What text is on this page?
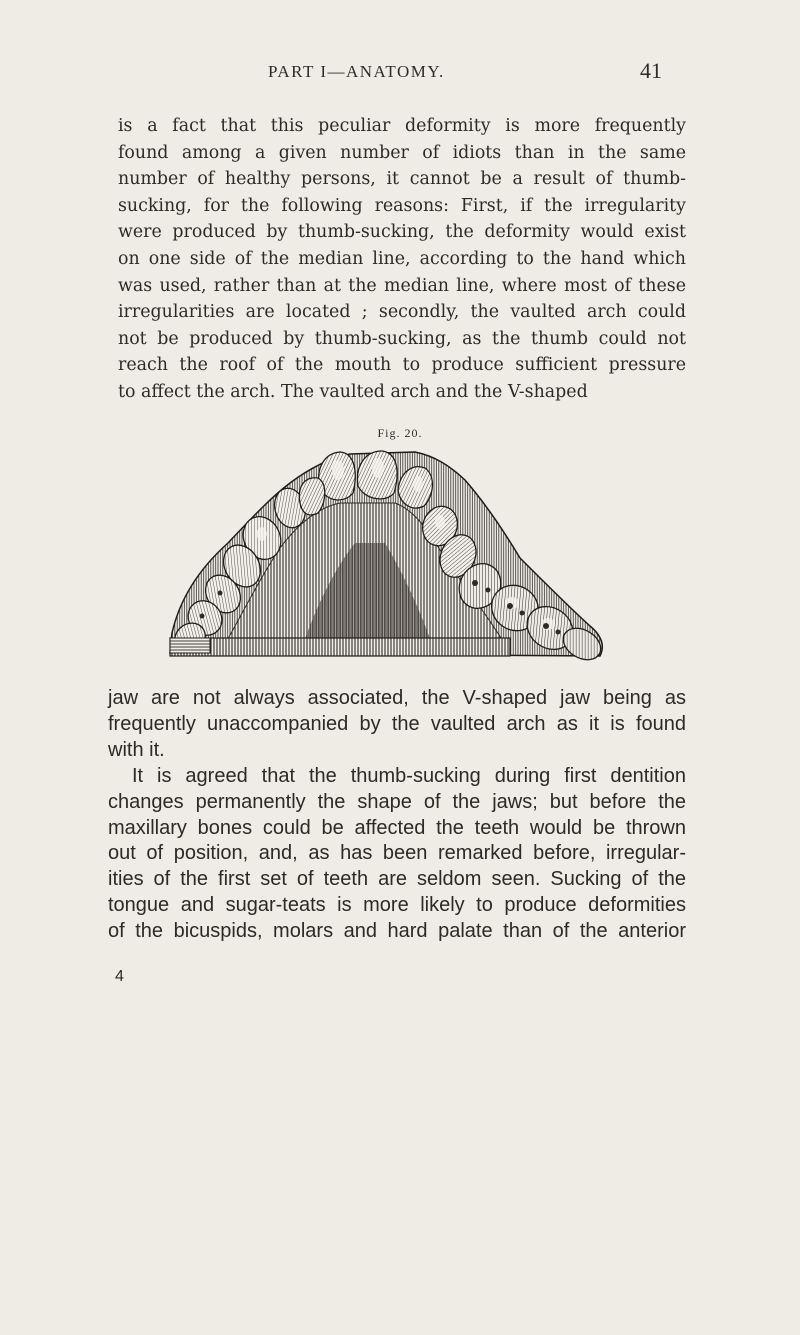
PART I—ANATOMY.	41
is a fact that this peculiar deformity is more frequently
found among a given number of idiots than in the same
number of healthy persons, it cannot be a result of thumb-
sucking, for the following reasons: First, if the irregularity
were produced by thumb-sucking, the deformity would exist
on one side of the median line, according to the hand which
was used, rather than at the median line, where most of these
irregularities are located ; secondly, the vaulted arch could
not be produced by thumb-sucking, as the thumb could not
reach the roof of the mouth to produce sufficient pressure
to affect the arch. The vaulted arch and the V-shaped
Fig. 20.
jaw are not always associated, the V-shaped jaw being as
frequently unaccompanied by the vaulted arch as it is found
with it.
It is agreed that the thumb-sucking during first dentition
changes permanently the shape of the jaws; but before the
maxillary bones could be affected the teeth would be thrown
out of position, and, as has been remarked before, irregular-
ities of the first set of teeth are seldom seen. Sucking of the
tongue and sugar-teats is more likely to produce deformities
of the bicuspids, molars and hard palate than of the anterior
4
